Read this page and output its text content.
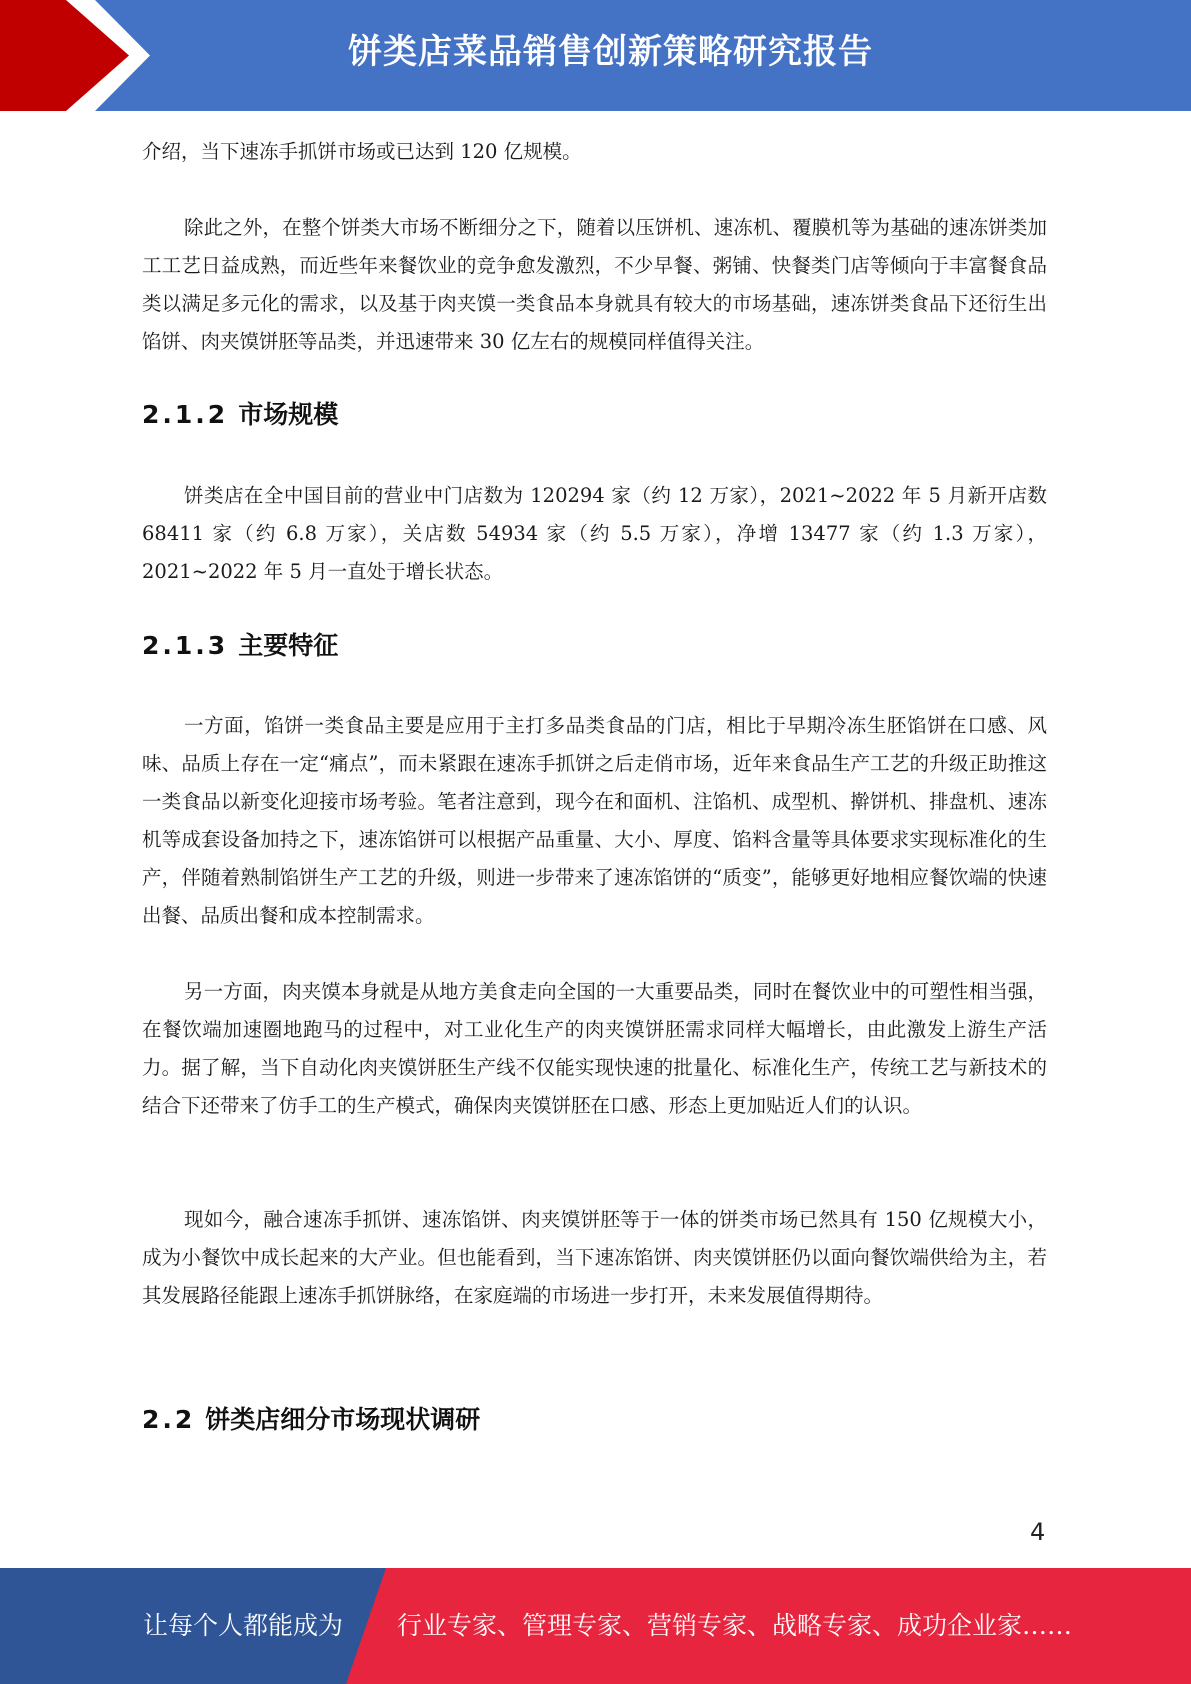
饼类店菜品销售创新策略研究报告

介绍，当下速冻手抓饼市场或已达到 120 亿规模。

除此之外，在整个饼类大市场不断细分之下，随着以压饼机、速冻机、覆膜机等为基础的速冻饼类加工工艺日益成熟，而近些年来餐饮业的竞争愈发激烈，不少早餐、粥铺、快餐类门店等倾向于丰富餐食品类以满足多元化的需求，以及基于肉夹馍一类食品本身就具有较大的市场基础，速冻饼类食品下还衍生出馅饼、肉夹馍饼胚等品类，并迅速带来 30 亿左右的规模同样值得关注。

2.1.2 市场规模

饼类店在全中国目前的营业中门店数为 120294 家（约 12 万家），2021~2022 年 5 月新开店数 68411 家（约 6.8 万家），关店数 54934 家（约 5.5 万家），净增 13477 家（约 1.3 万家），2021~2022 年 5 月一直处于增长状态。

2.1.3 主要特征

一方面，馅饼一类食品主要是应用于主打多品类食品的门店，相比于早期冷冻生胚馅饼在口感、风味、品质上存在一定“痛点”，而未紧跟在速冻手抓饼之后走俏市场，近年来食品生产工艺的升级正助推这一类食品以新变化迎接市场考验。笔者注意到，现今在和面机、注馅机、成型机、擀饼机、排盘机、速冻机等成套设备加持之下，速冻馅饼可以根据产品重量、大小、厚度、馅料含量等具体要求实现标准化的生产，伴随着熟制馅饼生产工艺的升级，则进一步带来了速冻馅饼的“质变”，能够更好地相应餐饮端的快速出餐、品质出餐和成本控制需求。

另一方面，肉夹馍本身就是从地方美食走向全国的一大重要品类，同时在餐饮业中的可塑性相当强，在餐饮端加速圈地跑马的过程中，对工业化生产的肉夹馍饼胚需求同样大幅增长，由此激发上游生产活力。据了解，当下自动化肉夹馍饼胚生产线不仅能实现快速的批量化、标准化生产，传统工艺与新技术的结合下还带来了仿手工的生产模式，确保肉夹馍饼胚在口感、形态上更加贴近人们的认识。

现如今，融合速冻手抓饼、速冻馅饼、肉夹馍饼胚等于一体的饼类市场已然具有 150 亿规模大小，成为小餐饮中成长起来的大产业。但也能看到，当下速冻馅饼、肉夹馍饼胚仍以面向餐饮端供给为主，若其发展路径能跟上速冻手抓饼脉络，在家庭端的市场进一步打开，未来发展值得期待。

2.2 饼类店细分市场现状调研
4
让每个人都能成为 行业专家、管理专家、营销专家、战略专家、成功企业家……
